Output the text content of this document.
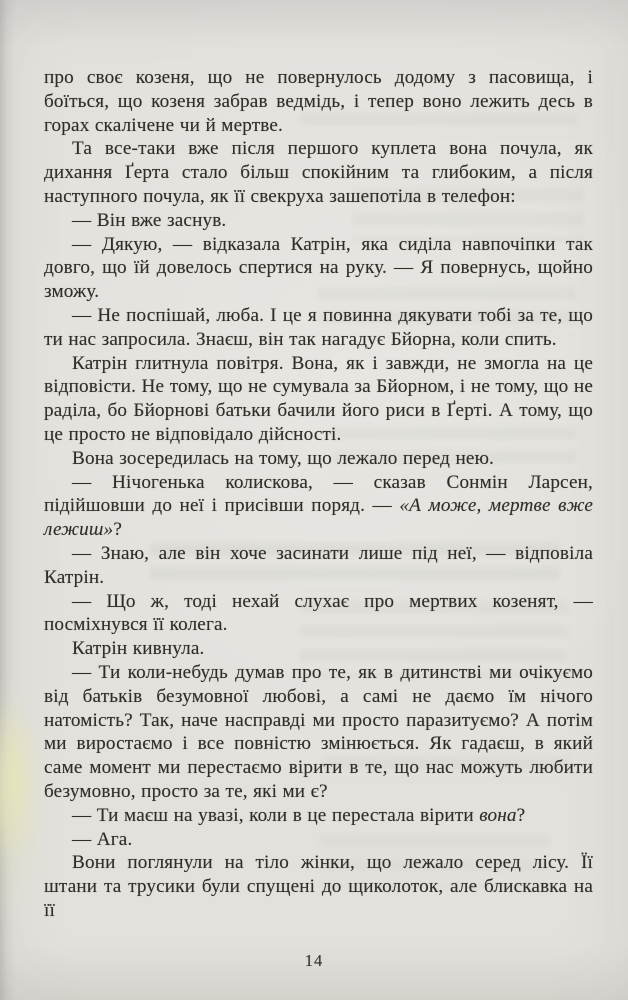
про своє козеня, що не повернулось додому з пасовища, і боїться, що козеня забрав ведмідь, і тепер воно лежить десь в горах скалічене чи й мертве.

Та все-таки вже після першого куплета вона почула, як дихання Ґерта стало більш спокійним та глибоким, а після наступного почула, як її свекруха зашепотіла в телефон:

— Він вже заснув.

— Дякую, — відказала Катрін, яка сиділа навпочіпки так довго, що їй довелось спертися на руку. — Я повернусь, щойно зможу.

— Не поспішай, люба. І це я повинна дякувати тобі за те, що ти нас запросила. Знаєш, він так нагадує Бйорна, коли спить.

Катрін глитнула повітря. Вона, як і завжди, не змогла на це відповісти. Не тому, що не сумувала за Бйорном, і не тому, що не раділа, бо Бйорнові батьки бачили його риси в Ґерті. А тому, що це просто не відповідало дійсності.

Вона зосередилась на тому, що лежало перед нею.

— Нічогенька колискова, — сказав Сонмін Ларсен, підійшовши до неї і присівши поряд. — «А може, мертве вже лежиш»?

— Знаю, але він хоче засинати лише під неї, — відповіла Катрін.

— Що ж, тоді нехай слухає про мертвих козенят, — посміхнувся її колега.

Катрін кивнула.

— Ти коли-небудь думав про те, як в дитинстві ми очікуємо від батьків безумовної любові, а самі не даємо їм нічого натомість? Так, наче насправді ми просто паразитуємо? А потім ми виростаємо і все повністю змінюється. Як гадаєш, в який саме момент ми перестаємо вірити в те, що нас можуть любити безумовно, просто за те, які ми є?

— Ти маєш на увазі, коли в це перестала вірити вона?

— Ага.

Вони поглянули на тіло жінки, що лежало серед лісу. Її штани та трусики були спущені до щиколоток, але блискавка на її

14
